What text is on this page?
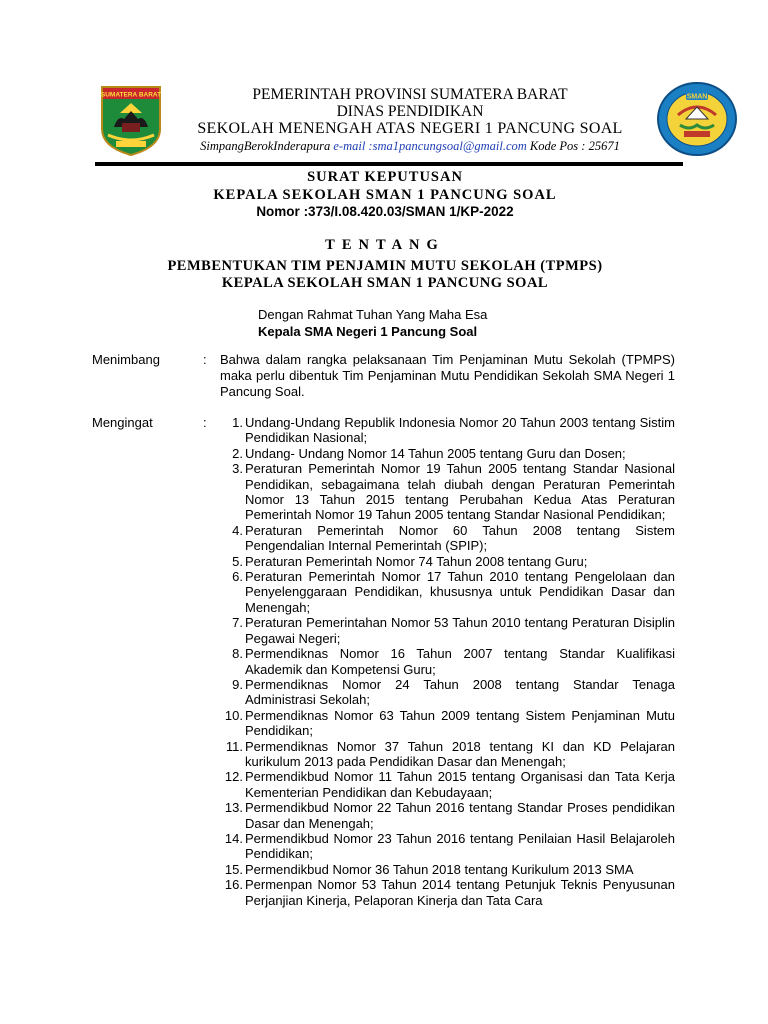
SUMATERA BARAT	PEMERINTAH PROVINSI SUMATERA BARAT
DINAS PENDIDIKAN
SEKOLAH MENENGAH ATAS NEGERI 1 PANCUNG SOAL
SimpangBerokInderapura e-mail :sma1pancungsoal@gmail.com Kode Pos : 25671
SMAN
SURAT KEPUTUSAN
KEPALA SEKOLAH SMAN 1 PANCUNG SOAL
Nomor :373/I.08.420.03/SMAN 1/KP-2022
TENTANG
PEMBENTUKAN TIM PENJAMIN MUTU SEKOLAH (TPMPS)
KEPALA SEKOLAH SMAN 1 PANCUNG SOAL
Dengan Rahmat Tuhan Yang Maha Esa
Kepala SMA Negeri 1 Pancung Soal
Menimbang	: Bahwa dalam rangka pelaksanaan Tim Penjaminan Mutu Sekolah (TPMPS) maka perlu dibentuk Tim Penjaminan Mutu Pendidikan Sekolah SMA Negeri 1 Pancung Soal.
Mengingat	:	1. Undang-Undang Republik Indonesia Nomor 20 Tahun 2003 tentang Sistim Pendidikan Nasional;
2. Undang- Undang Nomor 14 Tahun 2005 tentang Guru dan Dosen;
3. Peraturan Pemerintah Nomor 19 Tahun 2005 tentang Standar Nasional Pendidikan, sebagaimana telah diubah dengan Peraturan Pemerintah Nomor 13 Tahun 2015 tentang Perubahan Kedua Atas Peraturan Pemerintah Nomor 19 Tahun 2005 tentang Standar Nasional Pendidikan;
4. Peraturan Pemerintah Nomor 60 Tahun 2008 tentang Sistem Pengendalian Internal Pemerintah (SPIP);
5. Peraturan Pemerintah Nomor 74 Tahun 2008 tentang Guru;
6. Peraturan Pemerintah Nomor 17 Tahun 2010 tentang Pengelolaan dan Penyelenggaraan Pendidikan, khususnya untuk Pendidikan Dasar dan Menengah;
7. Peraturan Pemerintahan Nomor 53 Tahun 2010 tentang Peraturan Disiplin Pegawai Negeri;
8. Permendiknas Nomor 16 Tahun 2007 tentang Standar Kualifikasi Akademik dan Kompetensi Guru;
9. Permendiknas Nomor 24 Tahun 2008 tentang Standar Tenaga Administrasi Sekolah;
10. Permendiknas Nomor 63 Tahun 2009 tentang Sistem Penjaminan Mutu Pendidikan;
11. Permendiknas Nomor 37 Tahun 2018 tentang KI dan KD Pelajaran kurikulum 2013 pada Pendidikan Dasar dan Menengah;
12. Permendikbud Nomor 11 Tahun 2015 tentang Organisasi dan Tata Kerja Kementerian Pendidikan dan Kebudayaan;
13. Permendikbud Nomor 22 Tahun 2016 tentang Standar Proses pendidikan Dasar dan Menengah;
14. Permendikbud Nomor 23 Tahun 2016 tentang Penilaian Hasil Belajaroleh Pendidikan;
15. Permendikbud Nomor 36 Tahun 2018 tentang Kurikulum 2013 SMA
16. Permenpan Nomor 53 Tahun 2014 tentang Petunjuk Teknis Penyusunan Perjanjian Kinerja, Pelaporan Kinerja dan Tata Cara
